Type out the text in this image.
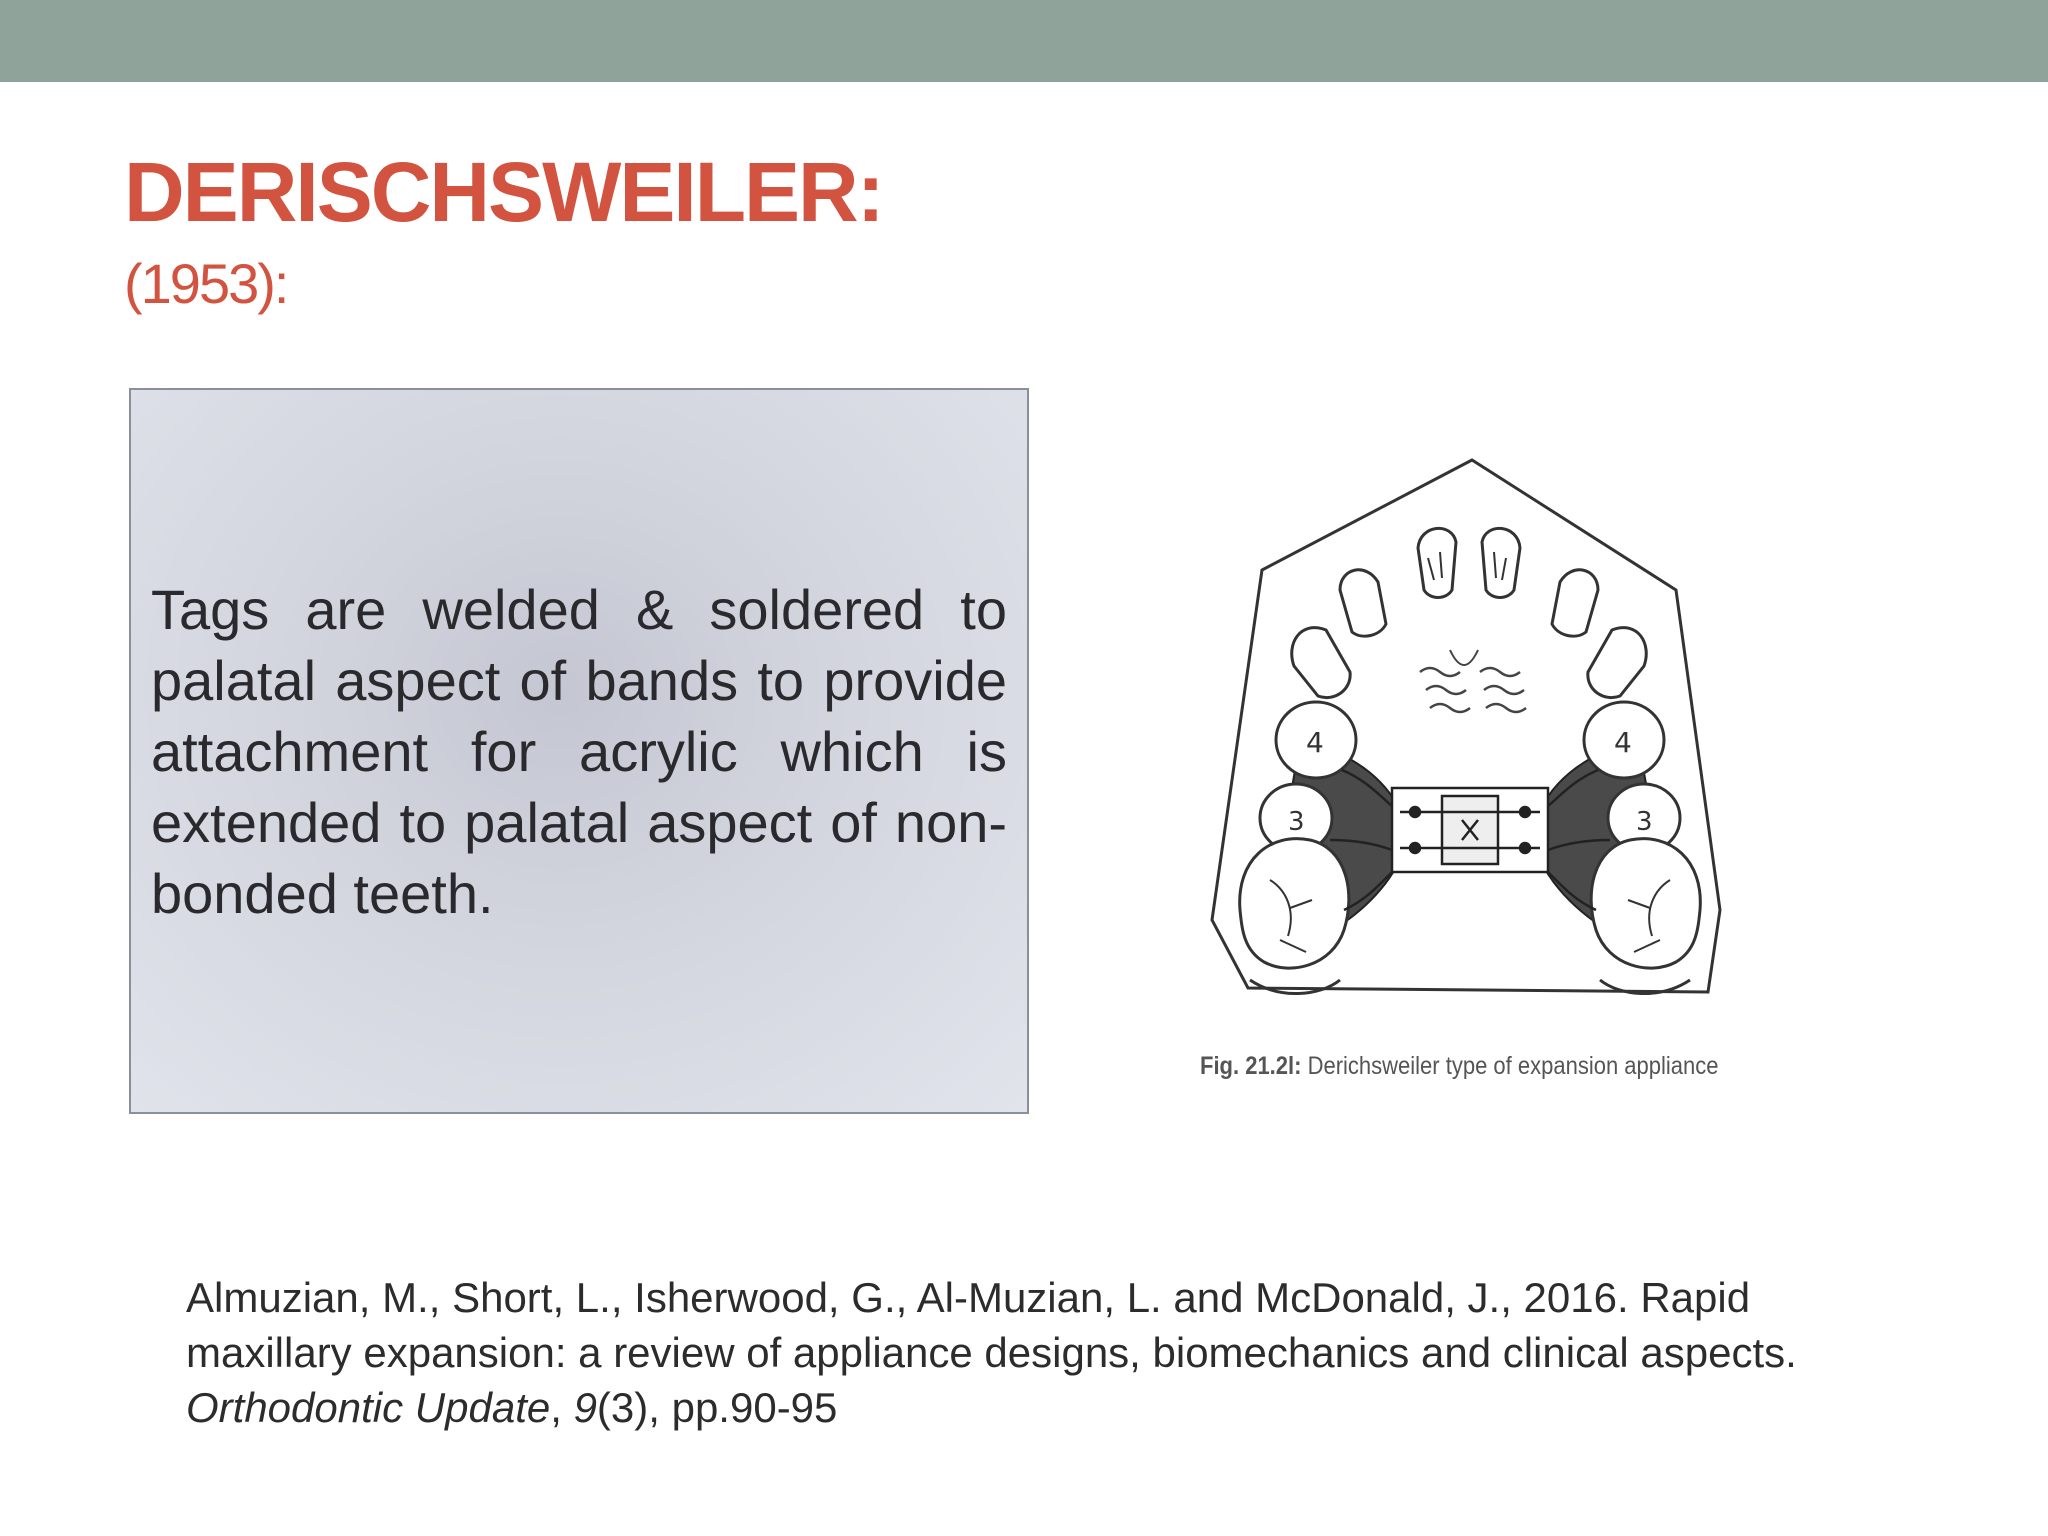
DERISCHSWEILER:
(1953):

Tags are welded & soldered to palatal aspect of bands to provide attachment for acrylic which is extended to palatal aspect of non-bonded teeth.

4
3
4
3
Fig. 21.2l: Derichsweiler type of expansion appliance

Almuzian, M., Short, L., Isherwood, G., Al-Muzian, L. and McDonald, J., 2016. Rapid maxillary expansion: a review of appliance designs, biomechanics and clinical aspects. Orthodontic Update, 9(3), pp.90-95
